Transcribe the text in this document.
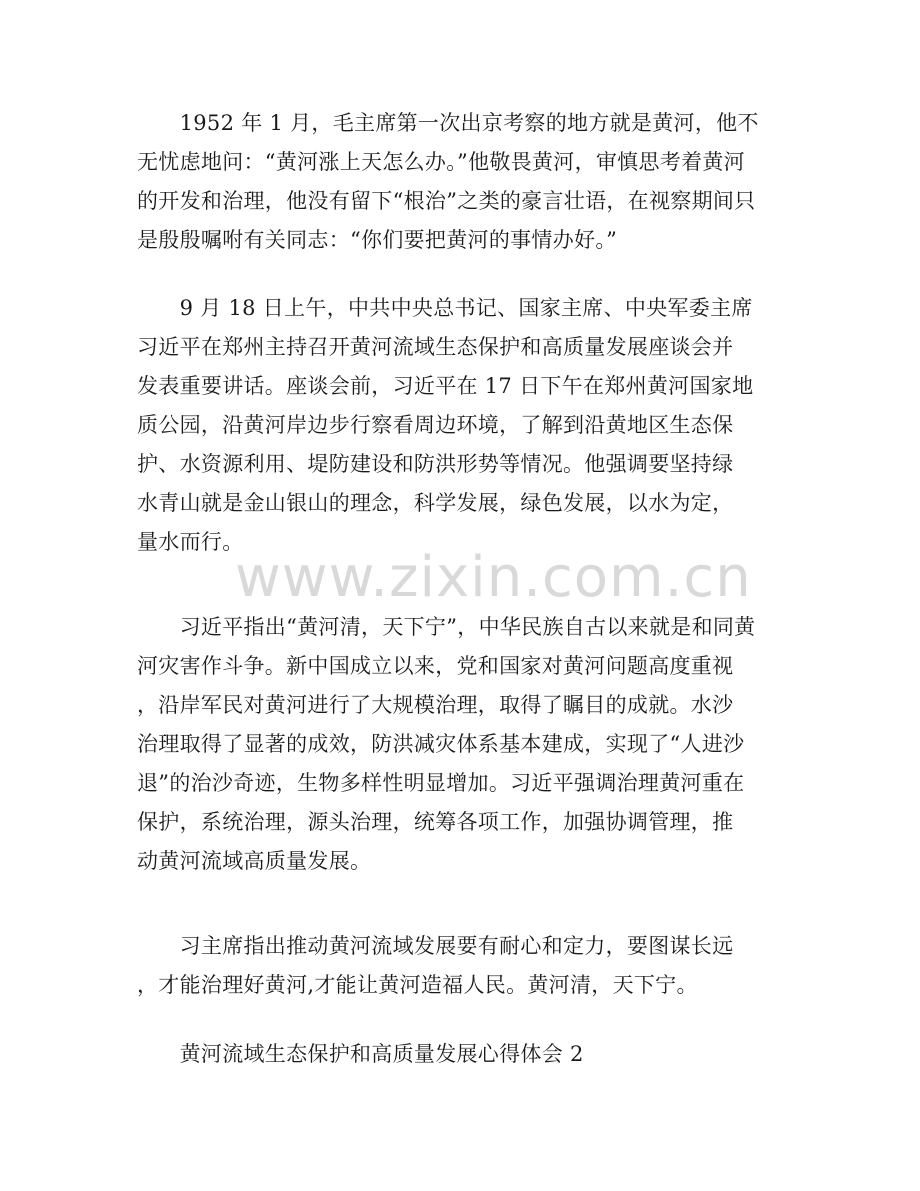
　　1952 年 1 月，毛主席第一次出京考察的地方就是黄河，他不
无忧虑地问：“黄河涨上天怎么办。”他敬畏黄河，审慎思考着黄河
的开发和治理，他没有留下“根治”之类的豪言壮语，在视察期间只
是殷殷嘱咐有关同志：“你们要把黄河的事情办好。”
　　9 月 18 日上午，中共中央总书记、国家主席、中央军委主席
习近平在郑州主持召开黄河流域生态保护和高质量发展座谈会并
发表重要讲话。座谈会前，习近平在 17 日下午在郑州黄河国家地
质公园，沿黄河岸边步行察看周边环境，了解到沿黄地区生态保
护、水资源利用、堤防建设和防洪形势等情况。他强调要坚持绿
水青山就是金山银山的理念，科学发展，绿色发展，以水为定，
量水而行。
　　习近平指出“黄河清，天下宁”，中华民族自古以来就是和同黄
河灾害作斗争。新中国成立以来，党和国家对黄河问题高度重视
，沿岸军民对黄河进行了大规模治理，取得了瞩目的成就。水沙
治理取得了显著的成效，防洪减灾体系基本建成，实现了“人进沙
退”的治沙奇迹，生物多样性明显增加。习近平强调治理黄河重在
保护，系统治理，源头治理，统筹各项工作，加强协调管理，推
动黄河流域高质量发展。
　　习主席指出推动黄河流域发展要有耐心和定力，要图谋长远
，才能治理好黄河,才能让黄河造福人民。黄河清，天下宁。
　　黄河流域生态保护和高质量发展心得体会 2
www.zixin.com.cn
